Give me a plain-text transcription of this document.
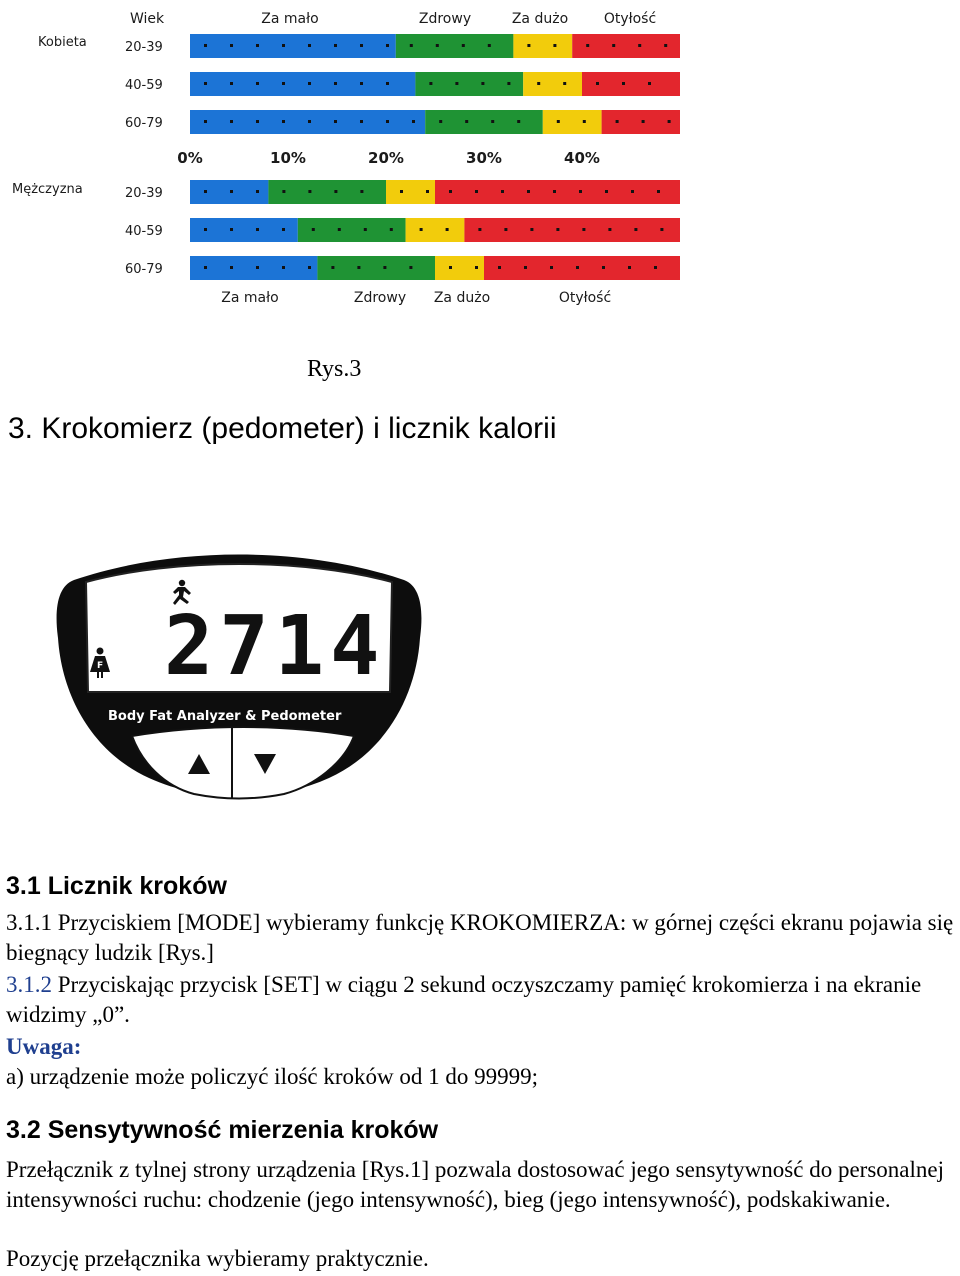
Wiek	Za mało	Zdrowy	Za dużo	Otyłość
Kobieta	20-39
40-59
60-79
Mężczyzna	20-39
40-59
60-79
0%	10%	20%	30%	40%
Za mało	Zdrowy Za dużo	Otyłość
Rys.3
3. Krokomierz (pedometer) i licznik kalorii
F 2714
Body Fat Analyzer & Pedometer
3.1 Licznik kroków

3.1.1 Przyciskiem [MODE] wybieramy funkcję KROKOMIERZA: w górnej części ekranu pojawia się biegnący ludzik [Rys.]

3.1.2 Przyciskając przycisk [SET] w ciągu 2 sekund oczyszczamy pamięć krokomierza i na ekranie widzimy „0”.

Uwaga:

a) urządzenie może policzyć ilość kroków od 1 do 99999;

3.2 Sensytywność mierzenia kroków

Przełącznik z tylnej strony urządzenia [Rys.1] pozwala dostosować jego sensytywność do personalnej intensywności ruchu: chodzenie (jego intensywność), bieg (jego intensywność), podskakiwanie.

Pozycję przełącznika wybieramy praktycznie.
